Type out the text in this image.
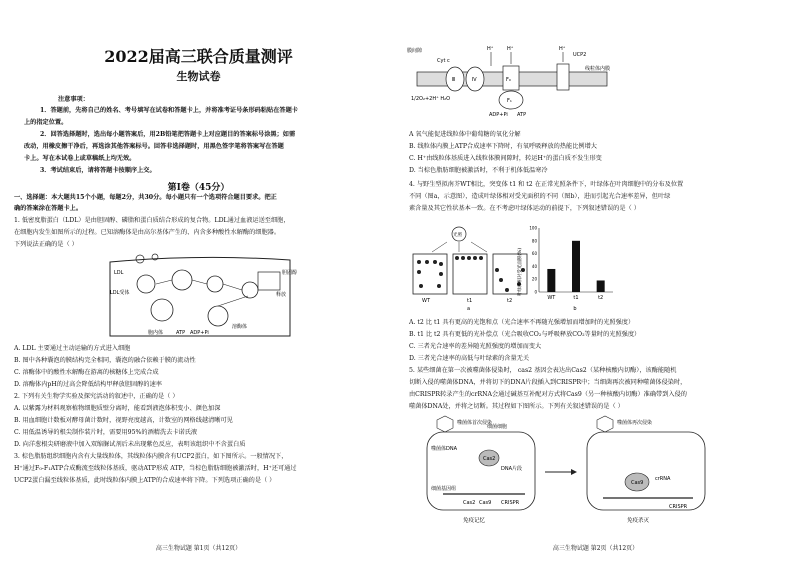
2022届高三联合质量测评
生物试卷
注意事项：
1．答题前，先将自己的姓名、考号填写在试卷和答题卡上，并将准考证号条形码粘贴在答题卡
上的指定位置。
2．回答选择题时，选出每小题答案后，用2B铅笔把答题卡上对应题目的答案标号涂黑；如需
改动，用橡皮擦干净后，再选涂其他答案标号。回答非选择题时，用黑色签字笔将答案写在答题
卡上。写在本试卷上或草稿纸上均无效。
3．考试结束后，请将答题卡按顺序上交。
第Ⅰ卷（45分）
一、选择题：本大题共15个小题，每题2分，共30分。每小题只有一个选项符合题目要求。把正
确的答案涂在答题卡上。
1. 低密度脂蛋白（LDL）是由胆固醇、磷脂和蛋白质结合形成的复合物。LDL通过血液运送至细胞，
在细胞内发生如图所示的过程。已知溶酶体是由高尔基体产生的、内含多种酸性水解酶的细胞器。
下列说法正确的是（ ）
LDL
LDL受体
胆固醇
释放
胞内体	ATP ADP+Pi
溶酶体
A. LDL 主要通过主动运输的方式进入细胞
B. 图中各种囊泡的膜结构完全相同，囊泡的融合依赖于膜的流动性
C. 溶酶体中的酸性水解酶在游离的核糖体上完成合成
D. 溶酶体内pH的过高会降低结构甲释放胆固醇的速率
2. 下列有关生物学实验及探究活动的叙述中，正确的是（ ）
A. 以紫露为材料观察植物细胞质壁分离时，能看到液泡体积变小、颜色加深
B. 用血细胞计数板对酵母菌计数时，视野亮度越高，计数室的网格线越清晰可见
C. 用低温诱导的根尖制作装片时，需要用95%的酒精洗去卡诺氏液
D. 向洋葱根尖研磨液中加入双缩脲试剂后未出现紫色反应，表明该组织中不含蛋白质
3. 棕色脂肪组织细胞内含有大量线粒体，其线粒体内膜含有UCP2蛋白，如下图所示。一般情况下，
H⁺通过F₀-F₁ATP合成酶流至线粒体基质，驱动ATP形成 ATP，当棕色脂肪细胞被激活时，H⁺还可通过
UCP2蛋白漏至线粒体基质，此时线粒体内膜上ATP的合成速率将下降。下列选项正确的是（ ）
高三生物试题 第1页（共12页）
膜间隙
Cyt c
Ⅲ	Ⅳ	F₀
F₁
H⁺	H⁺	H⁺
1/2O₂+2H⁺ H₂O
ADP+Pi ATP
UCP2
线粒体内膜
A 氧气能促进线粒体中葡萄糖的氧化分解
B. 线粒体内膜上ATP合成速率下降时，有氧呼吸释放的热能比例增大
C. H⁺由线粒体基质进入线粒体膜间隙时，转运H⁺的蛋白质不发生形变
D. 当棕色脂肪细胞被激活时，不利于机体低温寒冷
4. 与野生型拟南芥WT相比，突变体 t1 和 t2 在正常光照条件下，叶绿体在叶肉细胞中的分布及位置
不同（图a，示意图），造成叶绿体相对受光面积的不同（图b），进而引起光合速率差异，但叶绿
素含量及其它性状基本一致。在不考虑叶绿体运动的前提下，下列叙述错误的是（ ）
光照
WT	t1	t2
a
叶绿体相对受光面积(%)	0
20
40
60
80
100
WT	t1	t2
b
A. t2 比 t1 具有更高的光饱和点（光合速率不再随光强增加而增加时的光照强度）
B. t1 比 t2 具有更低的光补偿点（光合吸收CO₂与呼吸释放CO₂等量时的光照强度）
C. 三者光合速率的差异随光照强度的增加而变大
D. 三者光合速率的高低与叶绿素的含量无关
5. 某些细菌在第一次被噬菌体侵染时， cas2 基因会表达出Cas2（某种核酸内切酶），该酶能随机
切断入侵的噬菌体DNA，并将切下的DNA片段插入到CRISPR中；当细菌再次被同种噬菌体侵染时，
由CRISPR转录产生的crRNA会通过碱基互补配对方式将Cas9（另一种核酸内切酶）准确带到入侵的
噬菌体DNA处，并将之切断。其过程如下图所示。下列有关叙述错误的是（ ）
噬菌体首次侵染
细菌细胞
噬菌体DNA
Cas2
DNA片段
细菌基因组
Cas2 Cas9 CRISPR
免疫记忆
噬菌体再次侵染
Cas9
crRNA
CRISPR
免疫杀灭
高三生物试题 第2页（共12页）
